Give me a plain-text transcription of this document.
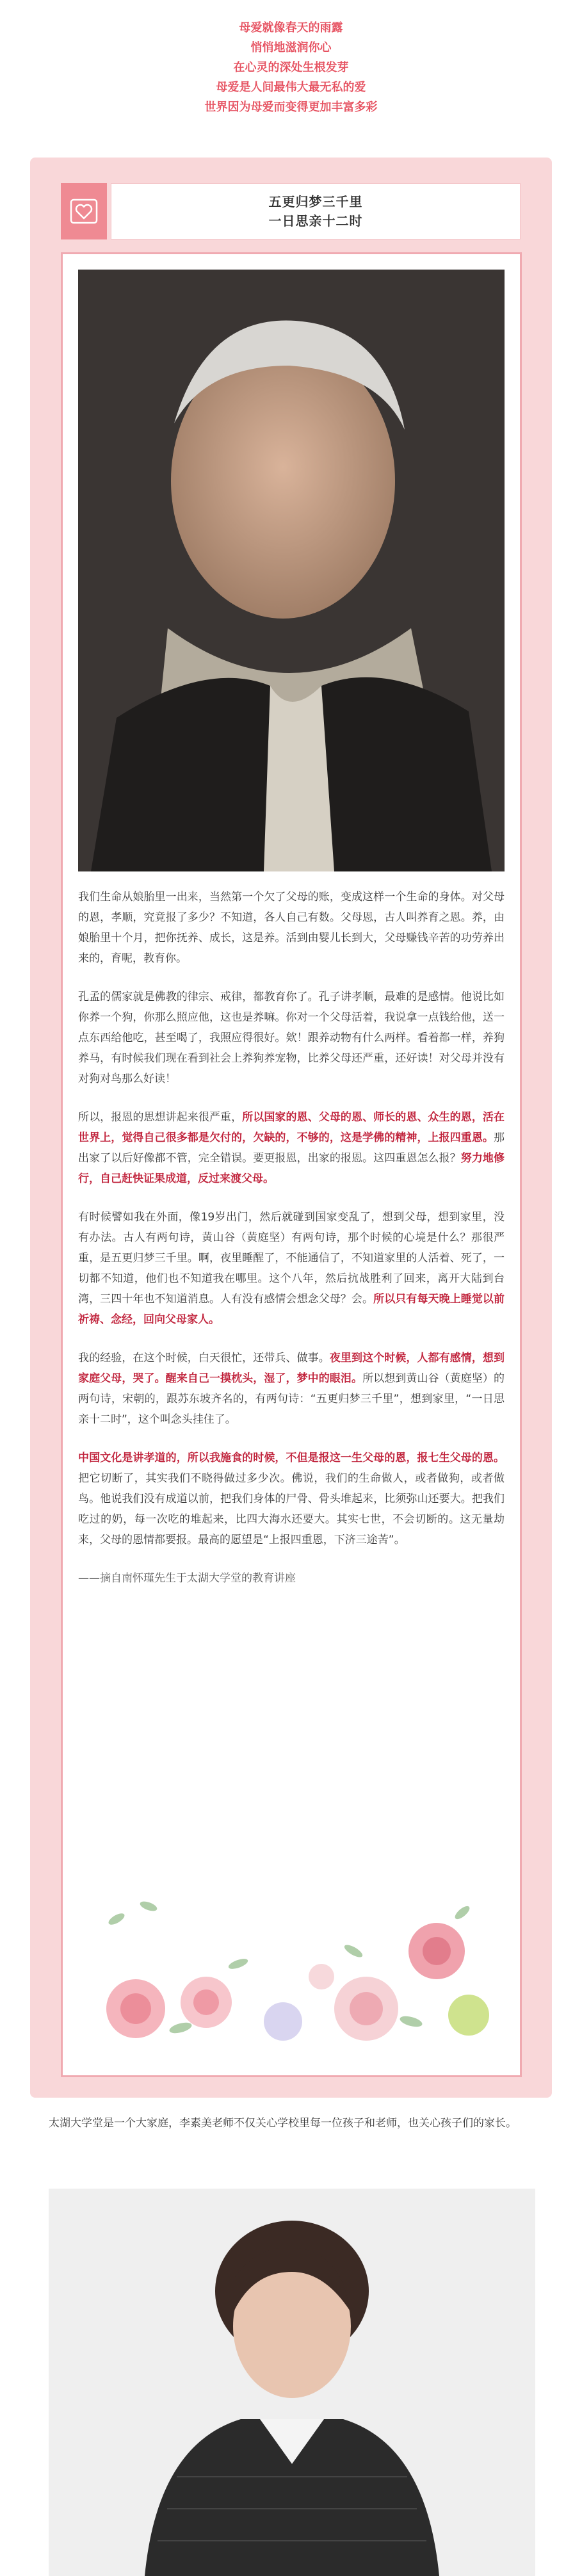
母爱就像春天的雨露

悄悄地滋润你心

在心灵的深处生根发芽

母爱是人间最伟大最无私的爱

世界因为母爱而变得更加丰富多彩

五更归梦三千里
一日思亲十二时

我们生命从娘胎里一出来，当然第一个欠了父母的账，变成这样一个生命的身体。对父母的恩，孝顺，究竟报了多少？不知道，各人自己有数。父母恩，古人叫养育之恩。养，由娘胎里十个月，把你抚养、成长，这是养。活到由婴儿长到大，父母赚钱辛苦的功劳养出来的，育呢，教育你。

孔孟的儒家就是佛教的律宗、戒律，都教育你了。孔子讲孝顺，最难的是感情。他说比如你养一个狗，你那么照应他，这也是养嘛。你对一个父母活着，我说拿一点钱给他，送一点东西给他吃，甚至喝了，我照应得很好。欸！跟养动物有什么两样。看着都一样，养狗养马，有时候我们现在看到社会上养狗养宠物，比养父母还严重，还好读！对父母并没有对狗对鸟那么好读！

所以，报恩的思想讲起来很严重，所以国家的恩、父母的恩、师长的恩、众生的恩，活在世界上，觉得自己很多都是欠付的，欠缺的，不够的，这是学佛的精神，上报四重恩。那出家了以后好像都不管，完全错误。要更报恩，出家的报恩。这四重恩怎么报？努力地修行，自己赶快证果成道，反过来渡父母。

有时候譬如我在外面，像19岁出门，然后就碰到国家变乱了，想到父母，想到家里，没有办法。古人有两句诗，黄山谷（黄庭坚）有两句诗，那个时候的心境是什么？那很严重，是五更归梦三千里。啊，夜里睡醒了，不能通信了，不知道家里的人活着、死了，一切都不知道，他们也不知道我在哪里。这个八年，然后抗战胜利了回来，离开大陆到台湾，三四十年也不知道消息。人有没有感情会想念父母？会。所以只有每天晚上睡觉以前祈祷、念经，回向父母家人。

我的经验，在这个时候，白天很忙，还带兵、做事。夜里到这个时候，人都有感情，想到家庭父母，哭了。醒来自己一摸枕头，湿了，梦中的眼泪。所以想到黄山谷（黄庭坚）的两句诗，宋朝的，跟苏东坡齐名的，有两句诗：“五更归梦三千里”，想到家里，“一日思亲十二时”，这个叫念头挂住了。

中国文化是讲孝道的，所以我施食的时候，不但是报这一生父母的恩，报七生父母的恩。把它切断了，其实我们不晓得做过多少次。佛说，我们的生命做人，或者做狗，或者做鸟。他说我们没有成道以前，把我们身体的尸骨、骨头堆起来，比须弥山还要大。把我们吃过的奶，每一次吃的堆起来，比四大海水还要大。其实七世，不会切断的。这无量劫来，父母的恩情都要报。最高的愿望是“上报四重恩，下济三途苦”。

——摘自南怀瑾先生于太湖大学堂的教育讲座

太湖大学堂是一个大家庭，李素美老师不仅关心学校里每一位孩子和老师，也关心孩子们的家长。
